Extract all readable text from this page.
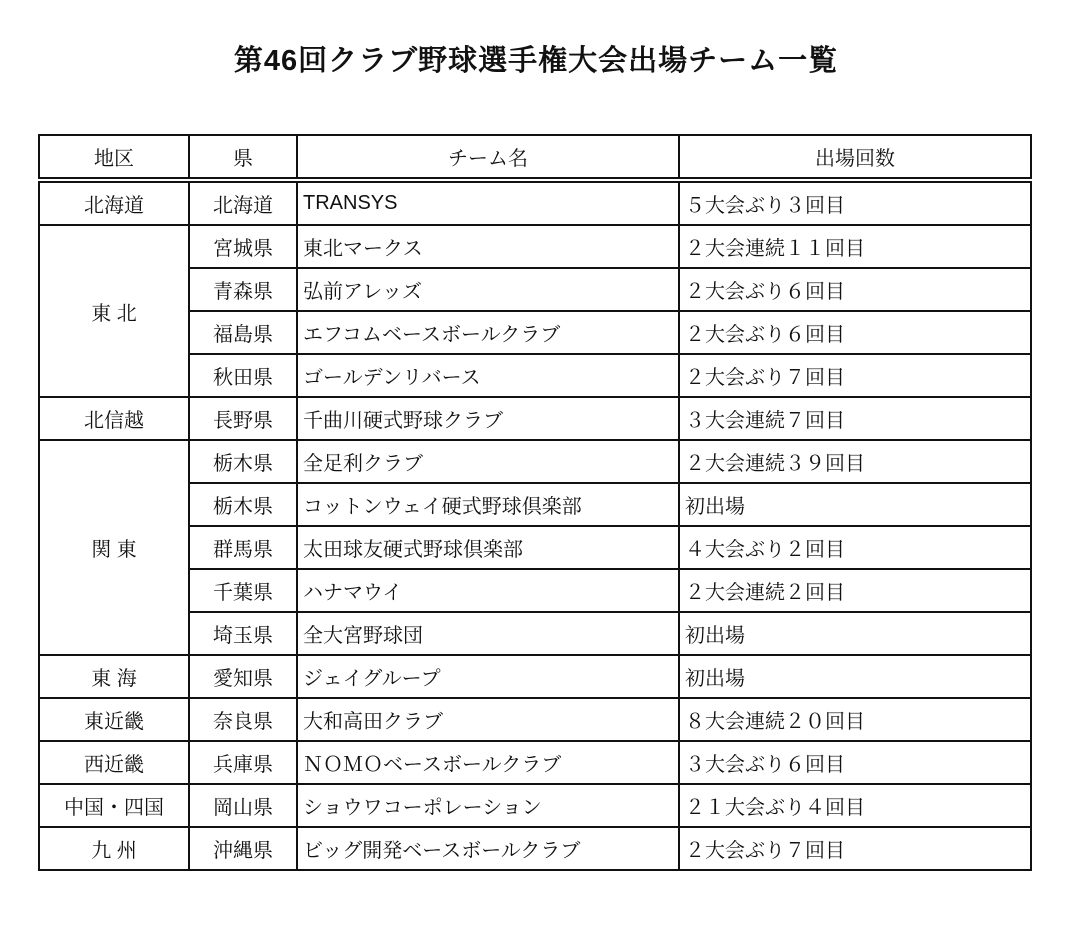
第46回クラブ野球選手権大会出場チーム一覧
地区	県	チーム名	出場回数
北海道	北海道	TRANSYS	５大会ぶり３回目
東 北	宮城県	東北マークス	２大会連続１１回目
	青森県	弘前アレッズ	２大会ぶり６回目
	福島県	エフコムベースボールクラブ	２大会ぶり６回目
	秋田県	ゴールデンリバース	２大会ぶり７回目
北信越	長野県	千曲川硬式野球クラブ	３大会連続７回目
関 東	栃木県	全足利クラブ	２大会連続３９回目
	栃木県	コットンウェイ硬式野球倶楽部	初出場
	群馬県	太田球友硬式野球倶楽部	４大会ぶり２回目
	千葉県	ハナマウイ	２大会連続２回目
	埼玉県	全大宮野球団	初出場
東 海	愛知県	ジェイグループ	初出場
東近畿	奈良県	大和高田クラブ	８大会連続２０回目
西近畿	兵庫県	ＮＯＭＯベースボールクラブ	３大会ぶり６回目
中国・四国	岡山県	ショウワコーポレーション	２１大会ぶり４回目
九 州	沖縄県	ビッグ開発ベースボールクラブ	２大会ぶり７回目
